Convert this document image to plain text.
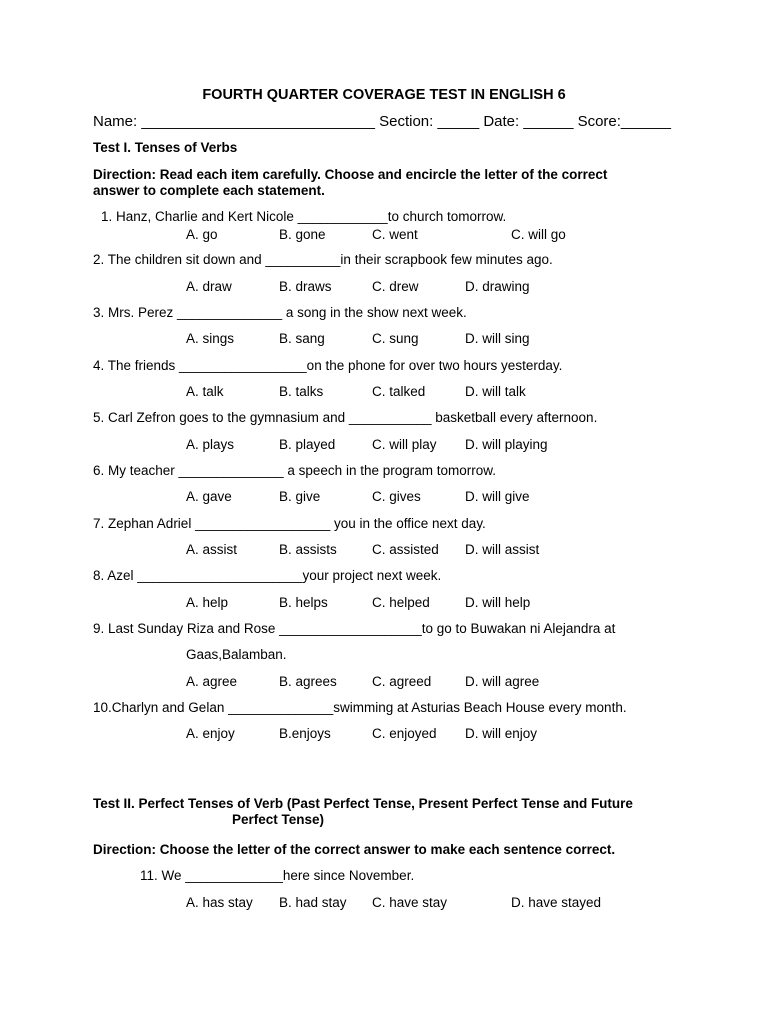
FOURTH QUARTER COVERAGE TEST IN ENGLISH 6
Name: ____________________________ Section: _____ Date: ______ Score:______
Test I. Tenses of Verbs
Direction: Read each item carefully. Choose and encircle the letter of the correct
answer to complete each statement.
1. Hanz, Charlie and Kert Nicole ____________to church tomorrow.
A. go	B. gone	C. went	C. will go
2. The children sit down and __________in their scrapbook few minutes ago.
A. draw	B. draws	C. drew	D. drawing
3. Mrs. Perez ______________ a song in the show next week.
A. sings	B. sang	C. sung	D. will sing
4. The friends _________________on the phone for over two hours yesterday.
A. talk	B. talks	C. talked	D. will talk
5. Carl Zefron goes to the gymnasium and ___________ basketball every afternoon.
A. plays	B. played	C. will play D. will playing
6. My teacher ______________ a speech in the program tomorrow.
A. gave	B. give	C. gives	D. will give
7. Zephan Adriel __________________ you in the office next day.
A. assist	B. assists	C. assisted D. will assist
8. Azel ______________________your project next week.
A. help	B. helps	C. helped	D. will help
9. Last Sunday Riza and Rose ___________________to go to Buwakan ni Alejandra at
Gaas,Balamban.
A. agree	B. agrees	C. agreed D. will agree
10.Charlyn and Gelan ______________swimming at Asturias Beach House every month.
A. enjoy	B.enjoys	C. enjoyed D. will enjoy
Test II. Perfect Tenses of Verb (Past Perfect Tense, Present Perfect Tense and Future
Perfect Tense)
Direction: Choose the letter of the correct answer to make each sentence correct.
11. We _____________here since November.
A. has stay B. had stay C. have stay	D. have stayed
